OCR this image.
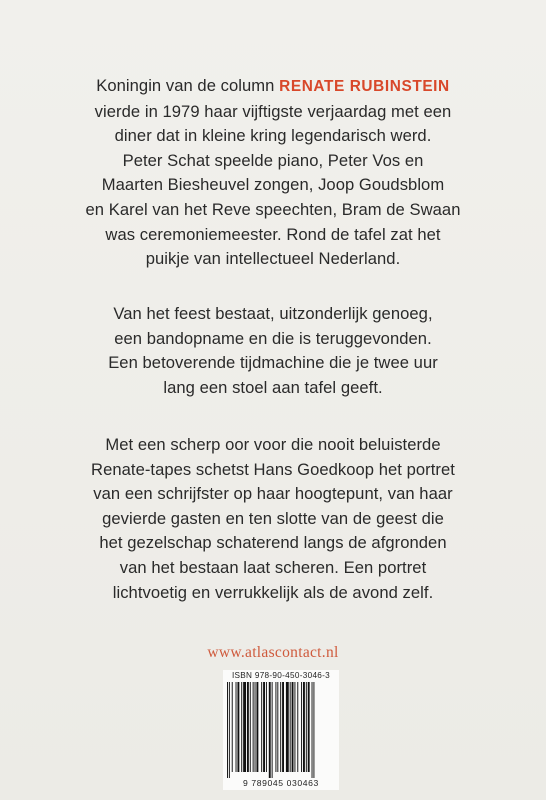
Koningin van de column RENATE RUBINSTEIN
vierde in 1979 haar vijftigste verjaardag met een
diner dat in kleine kring legendarisch werd.
Peter Schat speelde piano, Peter Vos en
Maarten Biesheuvel zongen, Joop Goudsblom
en Karel van het Reve speechten, Bram de Swaan
was ceremoniemeester. Rond de tafel zat het
puikje van intellectueel Nederland.
Van het feest bestaat, uitzonderlijk genoeg,
een bandopname en die is teruggevonden.
Een betoverende tijdmachine die je twee uur
lang een stoel aan tafel geeft.
Met een scherp oor voor die nooit beluisterde
Renate-tapes schetst Hans Goedkoop het portret
van een schrijfster op haar hoogtepunt, van haar
gevierde gasten en ten slotte van de geest die
het gezelschap schaterend langs de afgronden
van het bestaan laat scheren. Een portret
lichtvoetig en verrukkelijk als de avond zelf.
www.atlascontact.nl
ISBN 978-90-450-3046-3
9 789045 030463
